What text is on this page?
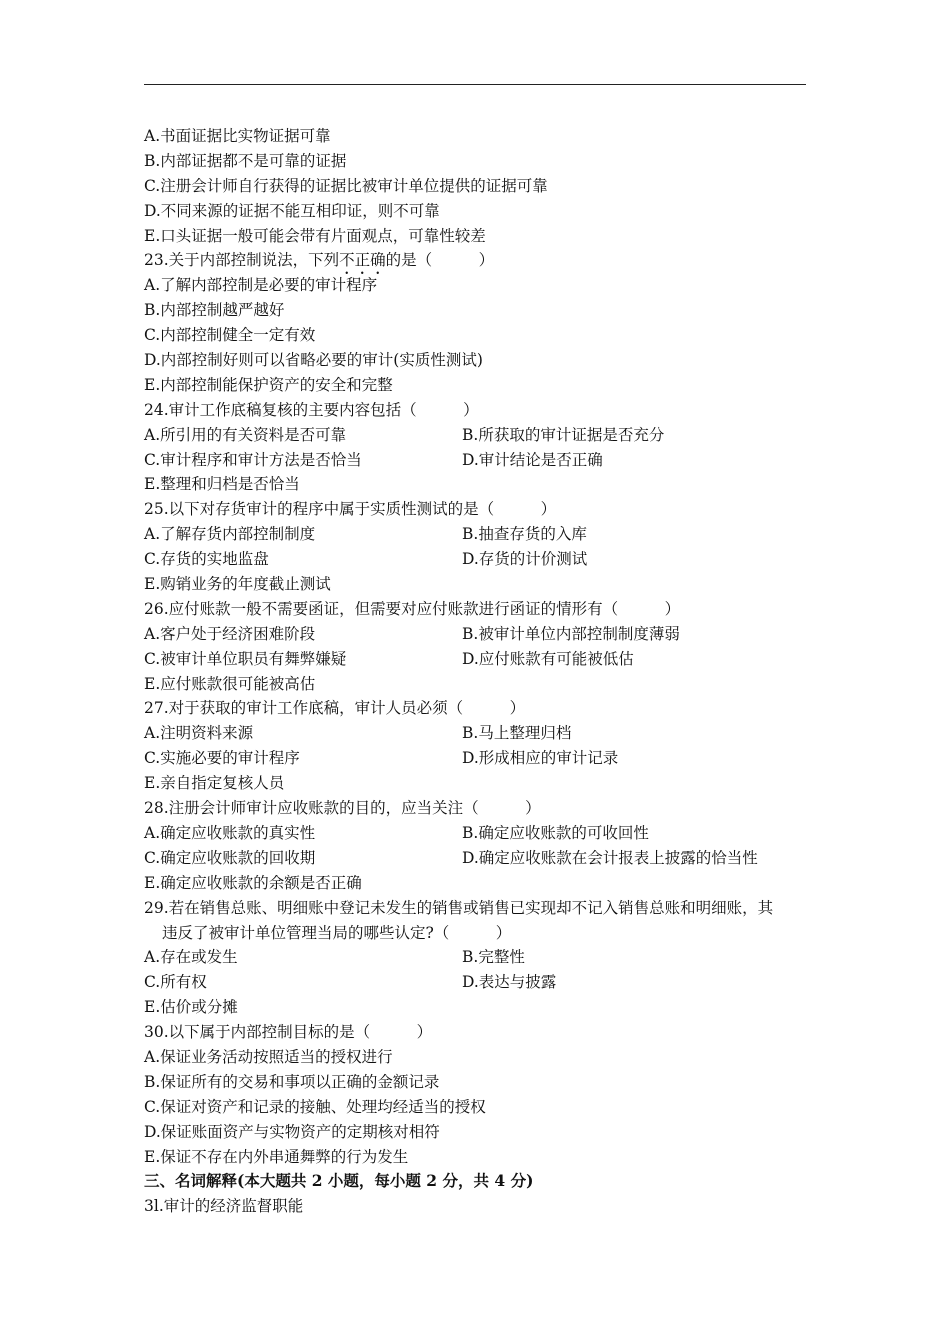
A.书面证据比实物证据可靠
B.内部证据都不是可靠的证据
C.注册会计师自行获得的证据比被审计单位提供的证据可靠
D.不同来源的证据不能互相印证，则不可靠
E.口头证据一般可能会带有片面观点，可靠性较差
23.关于内部控制说法，下列不正确的是（　　　）
A.了解内部控制是必要的审计程序
B.内部控制越严越好
C.内部控制健全一定有效
D.内部控制好则可以省略必要的审计(实质性测试)
E.内部控制能保护资产的安全和完整
24.审计工作底稿复核的主要内容包括（　　　）
A.所引用的有关资料是否可靠	B.所获取的审计证据是否充分
C.审计程序和审计方法是否恰当	D.审计结论是否正确
E.整理和归档是否恰当
25.以下对存货审计的程序中属于实质性测试的是（　　　）
A.了解存货内部控制制度	B.抽查存货的入库
C.存货的实地监盘	D.存货的计价测试
E.购销业务的年度截止测试
26.应付账款一般不需要函证，但需要对应付账款进行函证的情形有（　　　）
A.客户处于经济困难阶段	B.被审计单位内部控制制度薄弱
C.被审计单位职员有舞弊嫌疑	D.应付账款有可能被低估
E.应付账款很可能被高估
27.对于获取的审计工作底稿，审计人员必须（　　　）
A.注明资料来源	B.马上整理归档
C.实施必要的审计程序	D.形成相应的审计记录
E.亲自指定复核人员
28.注册会计师审计应收账款的目的，应当关注（　　　）
A.确定应收账款的真实性	B.确定应收账款的可收回性
C.确定应收账款的回收期	D.确定应收账款在会计报表上披露的恰当性
E.确定应收账款的余额是否正确
29.若在销售总账、明细账中登记未发生的销售或销售已实现却不记入销售总账和明细账，其
违反了被审计单位管理当局的哪些认定?（　　　）
A.存在或发生	B.完整性
C.所有权	D.表达与披露
E.估价或分摊
30.以下属于内部控制目标的是（　　　）
A.保证业务活动按照适当的授权进行
B.保证所有的交易和事项以正确的金额记录
C.保证对资产和记录的接触、处理均经适当的授权
D.保证账面资产与实物资产的定期核对相符
E.保证不存在内外串通舞弊的行为发生
三、名词解释(本大题共 2 小题，每小题 2 分，共 4 分)
3l.审计的经济监督职能
